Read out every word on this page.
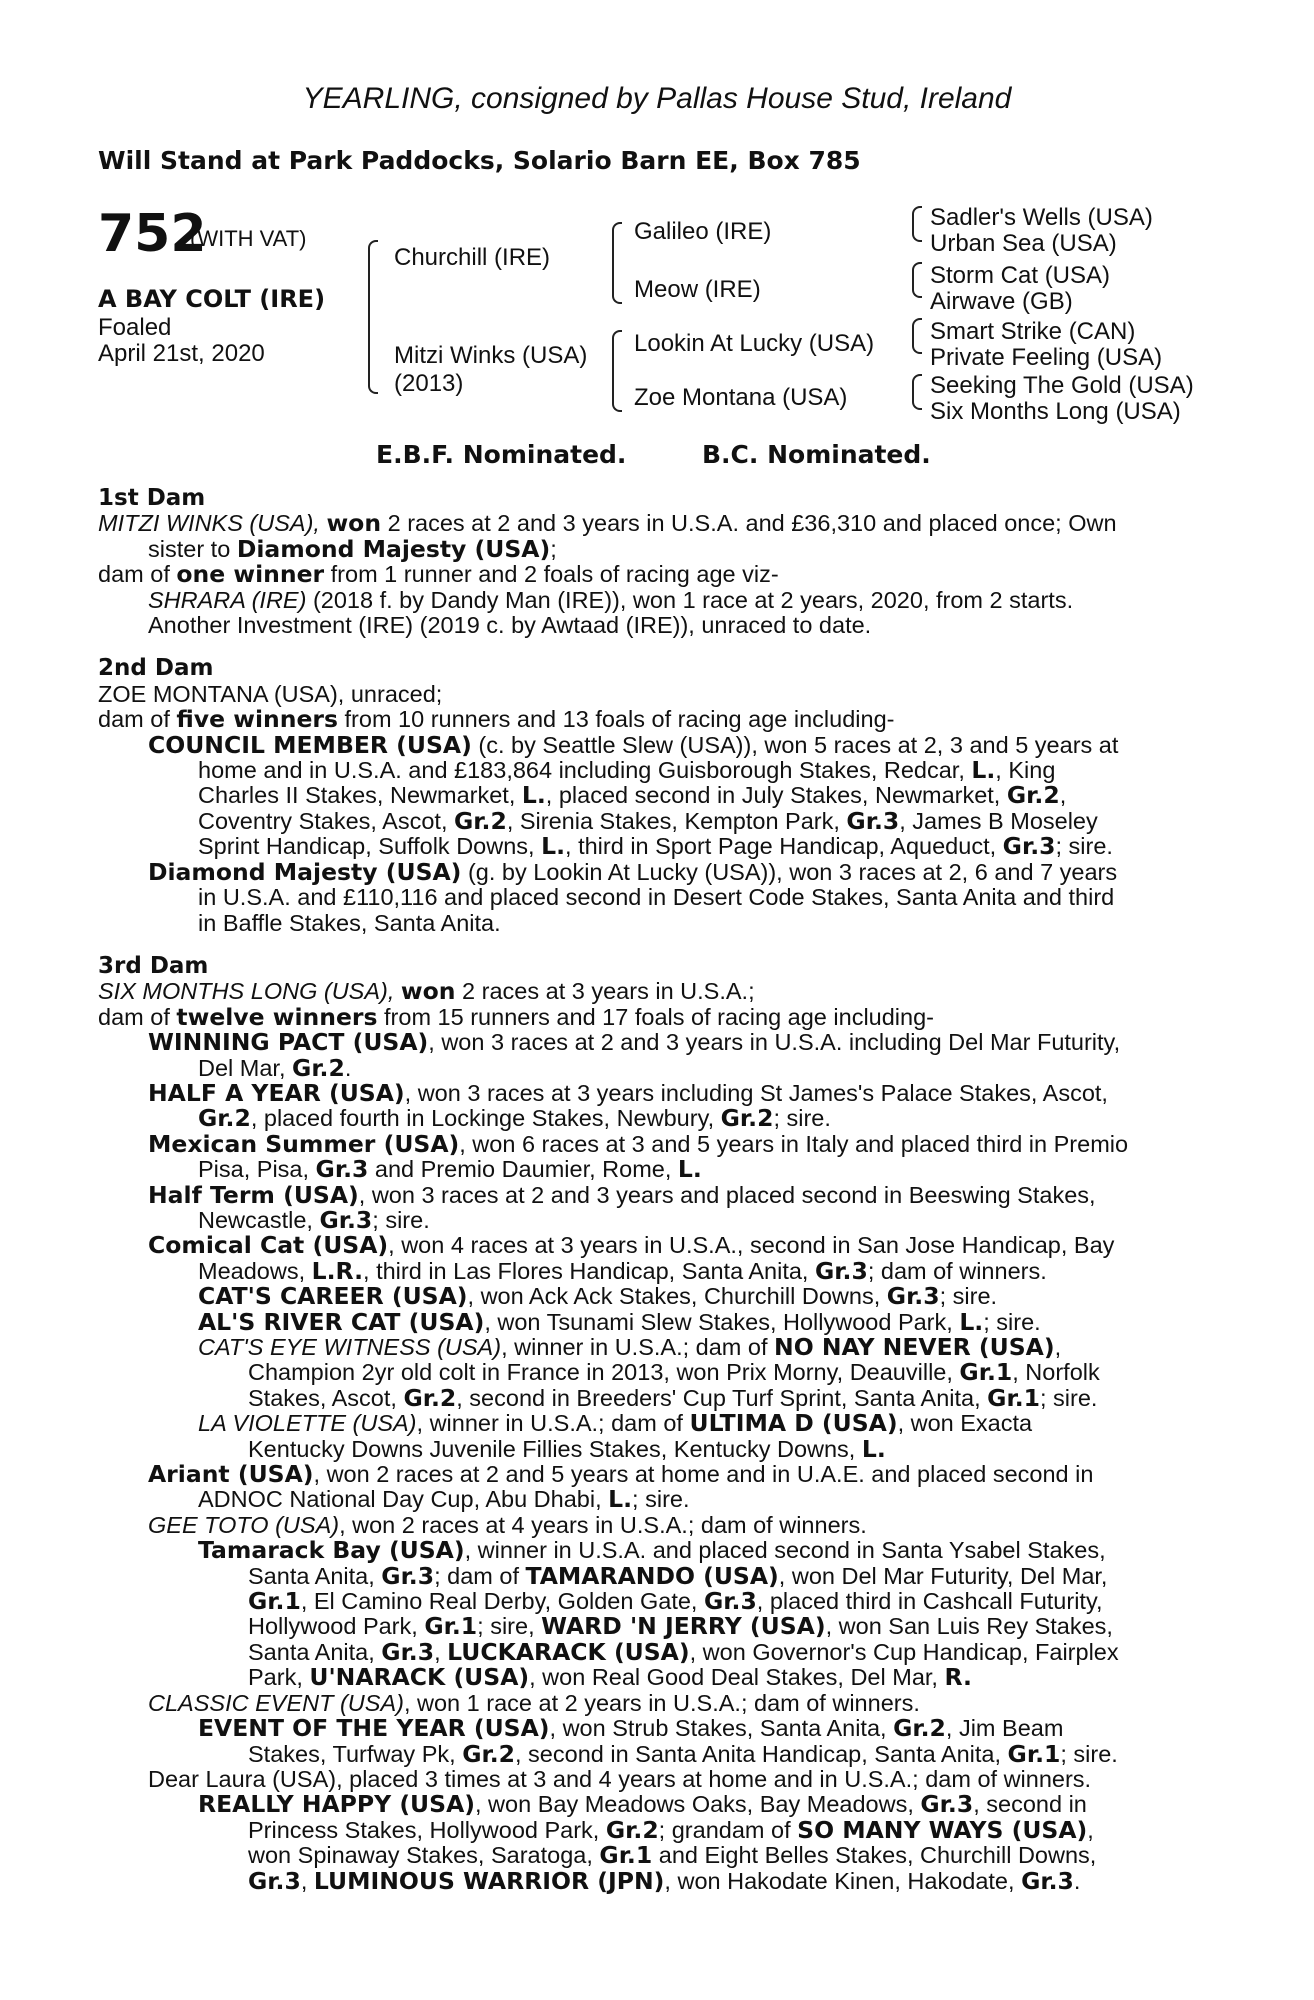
YEARLING, consigned by Pallas House Stud, Ireland
Will Stand at Park Paddocks, Solario Barn EE, Box 785
752
(WITH VAT)
A BAY COLT (IRE)
Foaled
April 21st, 2020
Churchill (IRE)
Mitzi Winks (USA)
(2013)
Galileo (IRE)
Meow (IRE)
Lookin At Lucky (USA)
Zoe Montana (USA)
Sadler's Wells (USA)
Urban Sea (USA)
Storm Cat (USA)
Airwave (GB)
Smart Strike (CAN)
Private Feeling (USA)
Seeking The Gold (USA)
Six Months Long (USA)
E.B.F. Nominated.	B.C. Nominated.
1st Dam
MITZI WINKS (USA), won 2 races at 2 and 3 years in U.S.A. and £36,310 and placed once; Own
sister to Diamond Majesty (USA);
dam of one winner from 1 runner and 2 foals of racing age viz-
SHRARA (IRE) (2018 f. by Dandy Man (IRE)), won 1 race at 2 years, 2020, from 2 starts.
Another Investment (IRE) (2019 c. by Awtaad (IRE)), unraced to date.
2nd Dam
ZOE MONTANA (USA), unraced;
dam of five winners from 10 runners and 13 foals of racing age including-
COUNCIL MEMBER (USA) (c. by Seattle Slew (USA)), won 5 races at 2, 3 and 5 years at
home and in U.S.A. and £183,864 including Guisborough Stakes, Redcar, L., King
Charles II Stakes, Newmarket, L., placed second in July Stakes, Newmarket, Gr.2,
Coventry Stakes, Ascot, Gr.2, Sirenia Stakes, Kempton Park, Gr.3, James B Moseley
Sprint Handicap, Suffolk Downs, L., third in Sport Page Handicap, Aqueduct, Gr.3; sire.
Diamond Majesty (USA) (g. by Lookin At Lucky (USA)), won 3 races at 2, 6 and 7 years
in U.S.A. and £110,116 and placed second in Desert Code Stakes, Santa Anita and third
in Baffle Stakes, Santa Anita.
3rd Dam
SIX MONTHS LONG (USA), won 2 races at 3 years in U.S.A.;
dam of twelve winners from 15 runners and 17 foals of racing age including-
WINNING PACT (USA), won 3 races at 2 and 3 years in U.S.A. including Del Mar Futurity,
Del Mar, Gr.2.
HALF A YEAR (USA), won 3 races at 3 years including St James's Palace Stakes, Ascot,
Gr.2, placed fourth in Lockinge Stakes, Newbury, Gr.2; sire.
Mexican Summer (USA), won 6 races at 3 and 5 years in Italy and placed third in Premio
Pisa, Pisa, Gr.3 and Premio Daumier, Rome, L.
Half Term (USA), won 3 races at 2 and 3 years and placed second in Beeswing Stakes,
Newcastle, Gr.3; sire.
Comical Cat (USA), won 4 races at 3 years in U.S.A., second in San Jose Handicap, Bay
Meadows, L.R., third in Las Flores Handicap, Santa Anita, Gr.3; dam of winners.
CAT'S CAREER (USA), won Ack Ack Stakes, Churchill Downs, Gr.3; sire.
AL'S RIVER CAT (USA), won Tsunami Slew Stakes, Hollywood Park, L.; sire.
CAT'S EYE WITNESS (USA), winner in U.S.A.; dam of NO NAY NEVER (USA),
Champion 2yr old colt in France in 2013, won Prix Morny, Deauville, Gr.1, Norfolk
Stakes, Ascot, Gr.2, second in Breeders' Cup Turf Sprint, Santa Anita, Gr.1; sire.
LA VIOLETTE (USA), winner in U.S.A.; dam of ULTIMA D (USA), won Exacta
Kentucky Downs Juvenile Fillies Stakes, Kentucky Downs, L.
Ariant (USA), won 2 races at 2 and 5 years at home and in U.A.E. and placed second in
ADNOC National Day Cup, Abu Dhabi, L.; sire.
GEE TOTO (USA), won 2 races at 4 years in U.S.A.; dam of winners.
Tamarack Bay (USA), winner in U.S.A. and placed second in Santa Ysabel Stakes,
Santa Anita, Gr.3; dam of TAMARANDO (USA), won Del Mar Futurity, Del Mar,
Gr.1, El Camino Real Derby, Golden Gate, Gr.3, placed third in Cashcall Futurity,
Hollywood Park, Gr.1; sire, WARD 'N JERRY (USA), won San Luis Rey Stakes,
Santa Anita, Gr.3, LUCKARACK (USA), won Governor's Cup Handicap, Fairplex
Park, U'NARACK (USA), won Real Good Deal Stakes, Del Mar, R.
CLASSIC EVENT (USA), won 1 race at 2 years in U.S.A.; dam of winners.
EVENT OF THE YEAR (USA), won Strub Stakes, Santa Anita, Gr.2, Jim Beam
Stakes, Turfway Pk, Gr.2, second in Santa Anita Handicap, Santa Anita, Gr.1; sire.
Dear Laura (USA), placed 3 times at 3 and 4 years at home and in U.S.A.; dam of winners.
REALLY HAPPY (USA), won Bay Meadows Oaks, Bay Meadows, Gr.3, second in
Princess Stakes, Hollywood Park, Gr.2; grandam of SO MANY WAYS (USA),
won Spinaway Stakes, Saratoga, Gr.1 and Eight Belles Stakes, Churchill Downs,
Gr.3, LUMINOUS WARRIOR (JPN), won Hakodate Kinen, Hakodate, Gr.3.
